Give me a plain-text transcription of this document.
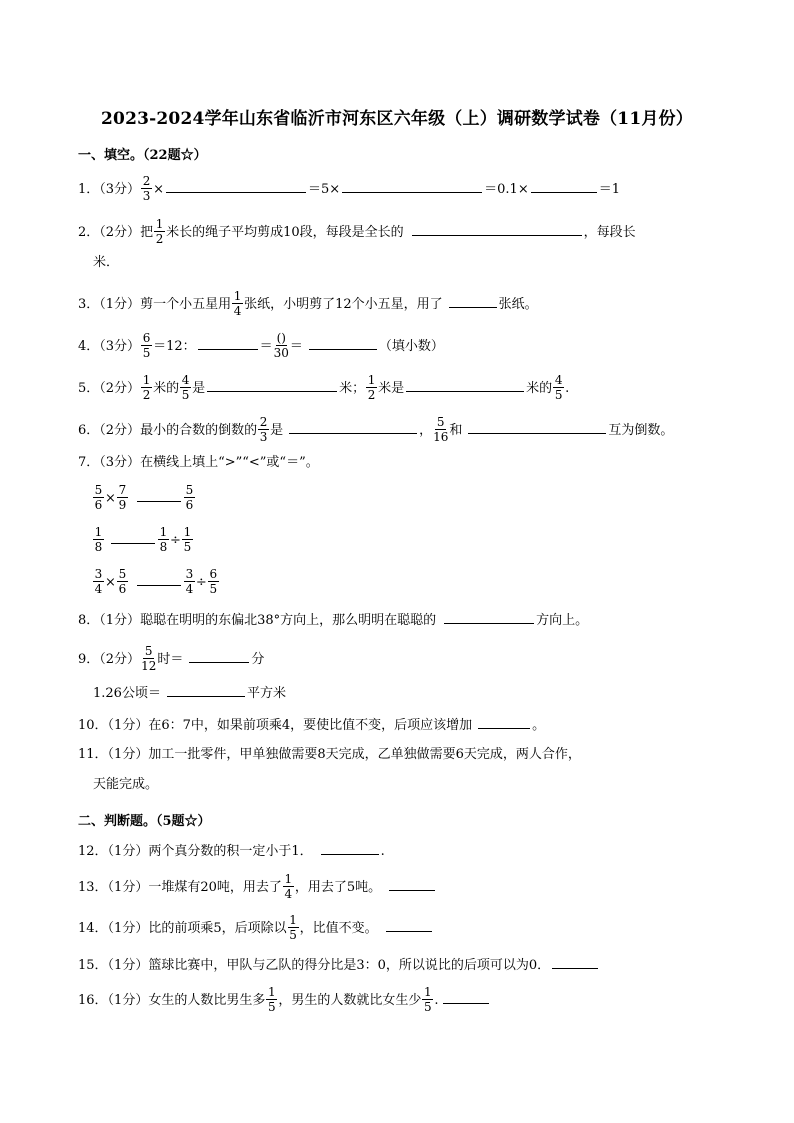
2023-2024学年山东省临沂市河东区六年级（上）调研数学试卷（11月份）
一、填空。（22题☆）
1．（3分） $\frac{2}{3}$ ×	＝5×	＝0.1×	＝1
2．（2分）把 $\frac{1}{2}$ 米长的绳子平均剪成10段，每段是全长的	，每段长
米．
3．（1分）剪一个小五星用 $\frac{1}{4}$ 张纸，小明剪了12个小五星，用了	张纸。
4．（3分） $\frac{6}{5} =12$：	＝ $\frac{()}{30}$ ＝	（填小数）
5．（2分） $\frac{1}{2}$ 米的 $\frac{4}{5}$ 是	米； $\frac{1}{2}$ 米是	米的 $\frac{4}{5}$ .
6．（2分）最小的合数的倒数的 $\frac{2}{3}$ 是	， $\frac{5}{16}$ 和	互为倒数。
7．（3分）在横线上填上“>”“<”或“＝”。
$\frac{5}{6} \times \frac{7}{9}$	$\frac{5}{6}$
$\frac{1}{8}$	$\frac{1}{8} \div \frac{1}{5}$
$\frac{3}{4} \times \frac{5}{6}$	$\frac{3}{4} \div \frac{6}{5}$
8．（1分）聪聪在明明的东偏北38°方向上，那么明明在聪聪的	方向上。
9．（2分） $\frac{5}{12}$ 时＝	分
1.26公顷＝	平方米
10．（1分）在6：7中，如果前项乘4，要使比值不变，后项应该增加	。
11．（1分）加工一批零件，甲单独做需要8天完成，乙单独做需要6天完成，两人合作，
天能完成。
二、判断题。（5题☆）
12．（1分）两个真分数的积一定小于1．	.
13．（1分）一堆煤有20吨，用去了 $\frac{1}{4}$ ，用去了5吨。
14．（1分）比的前项乘5，后项除以 $\frac{1}{5}$ ，比值不变。
15．（1分）篮球比赛中，甲队与乙队的得分比是3：0，所以说比的后项可以为0．
16．（1分）女生的人数比男生多 $\frac{1}{5}$ ，男生的人数就比女生少 $\frac{1}{5}$ .
